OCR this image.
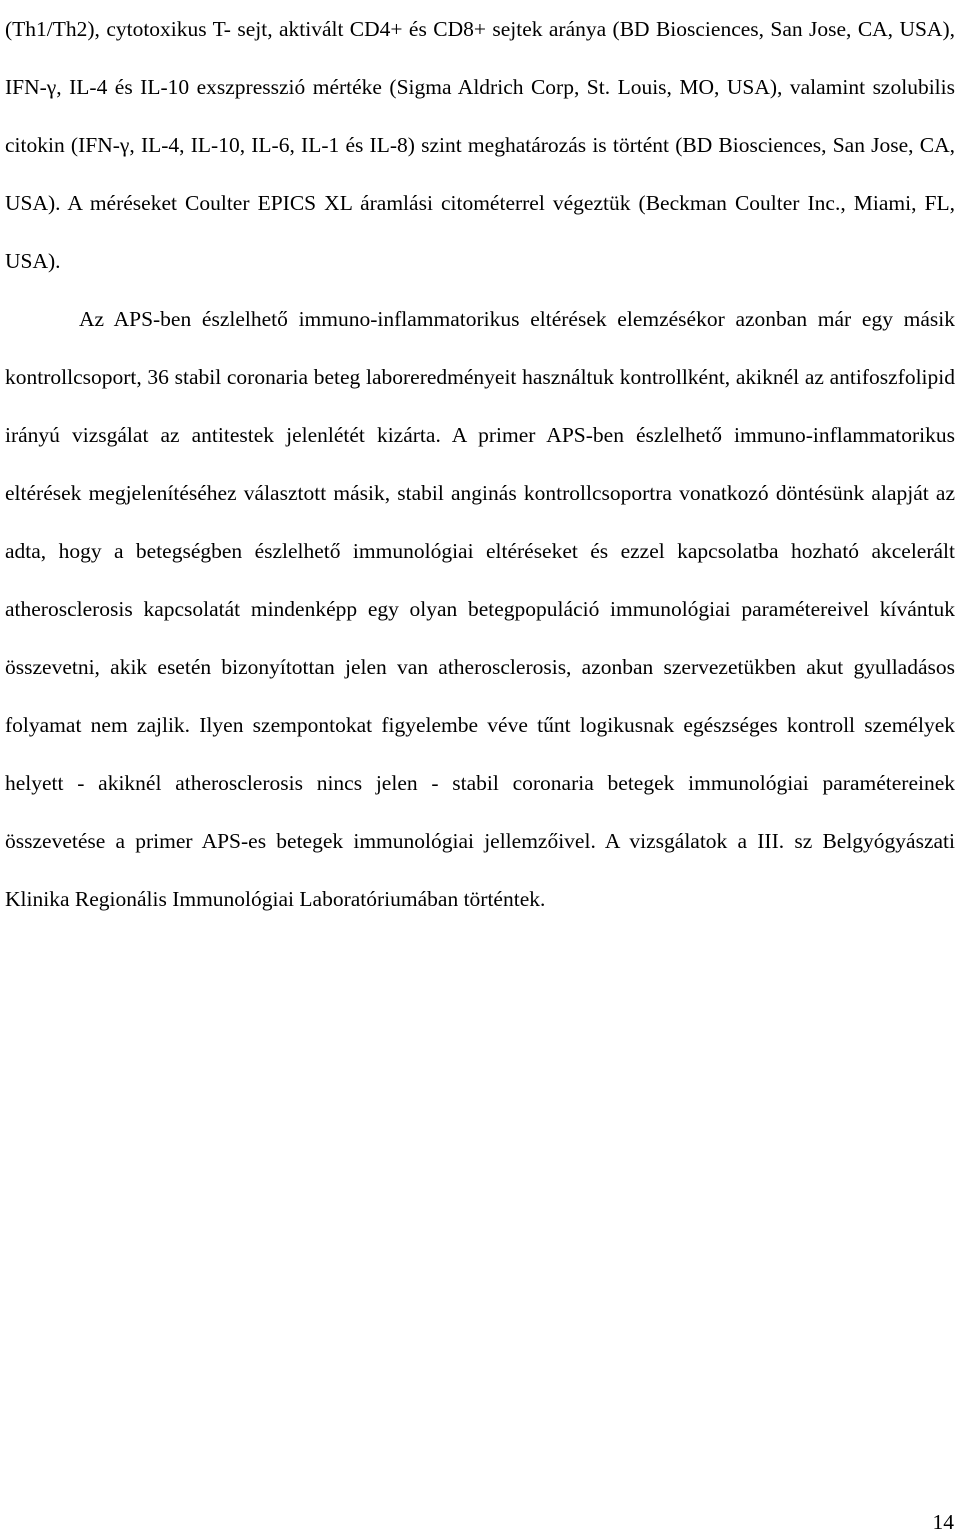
(Th1/Th2), cytotoxikus T- sejt, aktivált CD4+ és CD8+ sejtek aránya (BD Biosciences, San Jose, CA, USA), IFN-γ, IL-4 és IL-10 exszpresszió mértéke (Sigma Aldrich Corp, St. Louis, MO, USA), valamint szolubilis citokin (IFN-γ, IL-4, IL-10, IL-6, IL-1 és IL-8) szint meghatározás is történt (BD Biosciences, San Jose, CA, USA). A méréseket Coulter EPICS XL áramlási citométerrel végeztük (Beckman Coulter Inc., Miami, FL, USA).

Az APS-ben észlelhető immuno-inflammatorikus eltérések elemzésékor azonban már egy másik kontrollcsoport, 36 stabil coronaria beteg laboreredményeit használtuk kontrollként, akiknél az antifoszfolipid irányú vizsgálat az antitestek jelenlétét kizárta. A primer APS-ben észlelhető immuno-inflammatorikus eltérések megjelenítéséhez választott másik, stabil anginás kontrollcsoportra vonatkozó döntésünk alapját az adta, hogy a betegségben észlelhető immunológiai eltéréseket és ezzel kapcsolatba hozható akcelerált atherosclerosis kapcsolatát mindenképp egy olyan betegpopuláció immunológiai paramétereivel kívántuk összevetni, akik esetén bizonyítottan jelen van atherosclerosis, azonban szervezetükben akut gyulladásos folyamat nem zajlik. Ilyen szempontokat figyelembe véve tűnt logikusnak egészséges kontroll személyek helyett - akiknél atherosclerosis nincs jelen - stabil coronaria betegek immunológiai paramétereinek összevetése a primer APS-es betegek immunológiai jellemzőivel. A vizsgálatok a III. sz Belgyógyászati Klinika Regionális Immunológiai Laboratóriumában történtek.

14
